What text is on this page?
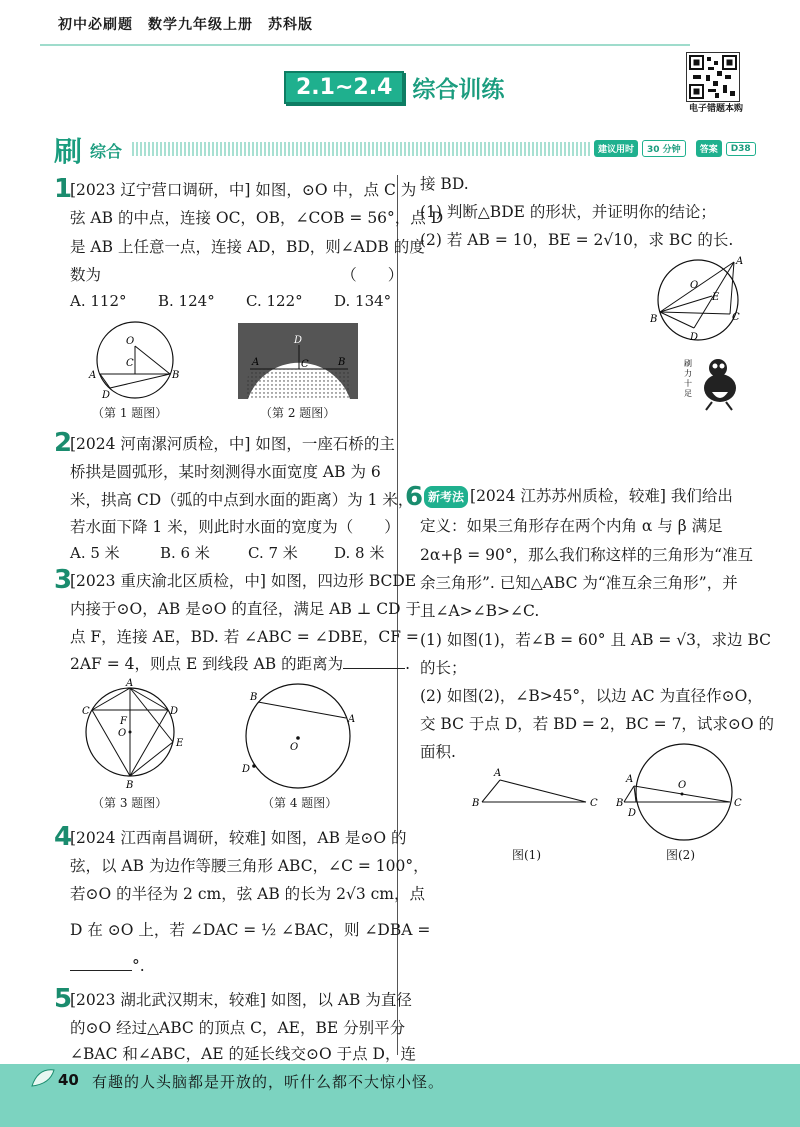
初中必刷题　数学九年级上册　苏科版
2.1~2.4 综合训练
电子错题本购
刷 综合	建议用时	30 分钟	答案	D38
1
[2023 辽宁营口调研，中] 如图，⊙O 中，点 C 为
弦 AB 的中点，连接 OC，OB，∠COB = 56°，点 D
是 AB 上任意一点，连接 AD，BD，则∠ADB 的度
数为　　　　　　　　　　　　　　　　（　　）
A. 112° B. 124° C. 122° D. 134°
O
C
A	B
D
（第 1 题图）
D
C
A	B
（第 2 题图）
2
[2024 河南漯河质检，中] 如图，一座石桥的主
桥拱是圆弧形，某时刻测得水面宽度 AB 为 6
米，拱高 CD（弧的中点到水面的距离）为 1 米，
若水面下降 1 米，则此时水面的宽度为（　　）
A. 5 米	B. 6 米	C. 7 米 D. 8 米
3
[2023 重庆渝北区质检，中] 如图，四边形 BCDE
内接于⊙O，AB 是⊙O 的直径，满足 AB ⊥ CD 于
点 F，连接 AE，BD. 若 ∠ABC = ∠DBE，CF =
2AF = 4，则点 E 到线段 AB 的距离为	.
A
C	D
F
O
E
B
（第 3 题图）
B
A
O
D
（第 4 题图）
4
[2024 江西南昌调研，较难] 如图，AB 是⊙O 的
弦，以 AB 为边作等腰三角形 ABC，∠C = 100°，
若⊙O 的半径为 2 cm，弦 AB 的长为 2√3 cm，点
D 在 ⊙O 上，若 ∠DAC = ½ ∠BAC，则 ∠DBA =
°.
5
[2023 湖北武汉期末，较难] 如图，以 AB 为直径
的⊙O 经过△ABC 的顶点 C，AE，BE 分别平分
∠BAC 和∠ABC，AE 的延长线交⊙O 于点 D，连
接 BD.
(1) 判断△BDE 的形状，并证明你的结论；
(2) 若 AB = 10，BE = 2√10，求 BC 的长.
O
A
E
B	C
D
刷
力
十
足
6 新考法 [2024 江苏苏州质检，较难] 我们给出
定义：如果三角形存在两个内角 α 与 β 满足
2α+β = 90°，那么我们称这样的三角形为“准互
余三角形”. 已知△ABC 为“准互余三角形”，并
且∠A>∠B>∠C.
(1) 如图(1)，若∠B = 60° 且 AB = √3，求边 BC
的长；
(2) 如图(2)，∠B>45°，以边 AC 为直径作⊙O，
交 BC 于点 D，若 BD = 2，BC = 7，试求⊙O 的
面积.
A
B	C
图(1)
O
A
B
D
C
图(2)
40 有趣的人头脑都是开放的，听什么都不大惊小怪。
